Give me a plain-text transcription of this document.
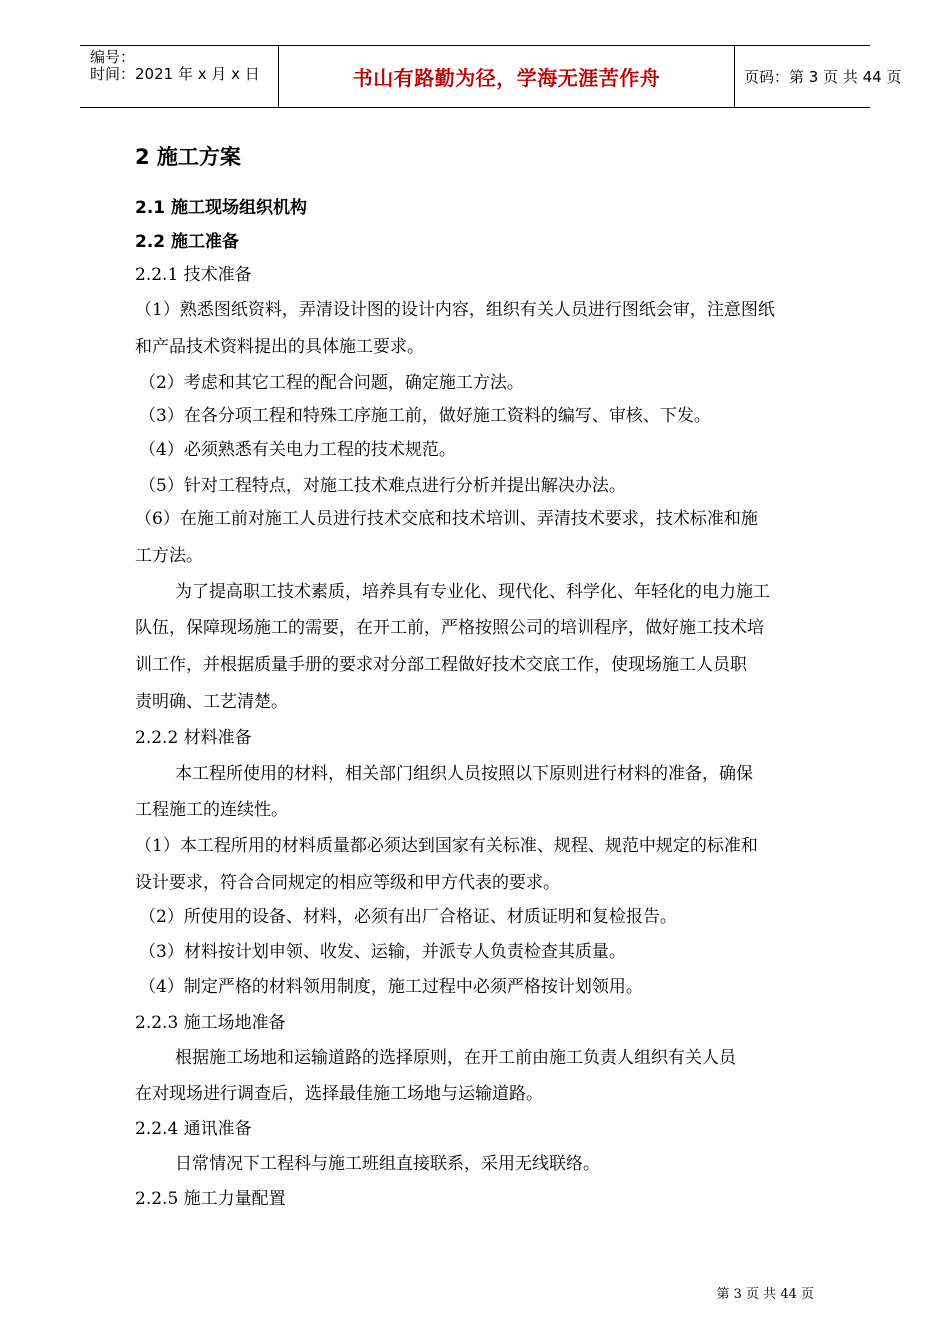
编号：
时间：2021 年 x 月 x 日	书山有路勤为径，学海无涯苦作舟	页码：第 3 页 共 44 页
2 施工方案
2.1 施工现场组织机构
2.2 施工准备
2.2.1 技术准备
（1）熟悉图纸资料，弄清设计图的设计内容，组织有关人员进行图纸会审，注意图纸
和产品技术资料提出的具体施工要求。
（2）考虑和其它工程的配合问题，确定施工方法。
（3）在各分项工程和特殊工序施工前，做好施工资料的编写、审核、下发。
（4）必须熟悉有关电力工程的技术规范。
（5）针对工程特点，对施工技术难点进行分析并提出解决办法。
（6）在施工前对施工人员进行技术交底和技术培训、弄清技术要求，技术标准和施
工方法。
为了提高职工技术素质，培养具有专业化、现代化、科学化、年轻化的电力施工
队伍，保障现场施工的需要，在开工前，严格按照公司的培训程序，做好施工技术培
训工作，并根据质量手册的要求对分部工程做好技术交底工作，使现场施工人员职
责明确、工艺清楚。
2.2.2 材料准备
本工程所使用的材料，相关部门组织人员按照以下原则进行材料的准备，确保
工程施工的连续性。
（1）本工程所用的材料质量都必须达到国家有关标准、规程、规范中规定的标准和
设计要求，符合合同规定的相应等级和甲方代表的要求。
（2）所使用的设备、材料，必须有出厂合格证、材质证明和复检报告。
（3）材料按计划申领、收发、运输，并派专人负责检查其质量。
（4）制定严格的材料领用制度，施工过程中必须严格按计划领用。
2.2.3 施工场地准备
根据施工场地和运输道路的选择原则，在开工前由施工负责人组织有关人员
在对现场进行调查后，选择最佳施工场地与运输道路。
2.2.4 通讯准备
日常情况下工程科与施工班组直接联系，采用无线联络。
2.2.5 施工力量配置
第 3 页 共 44 页
